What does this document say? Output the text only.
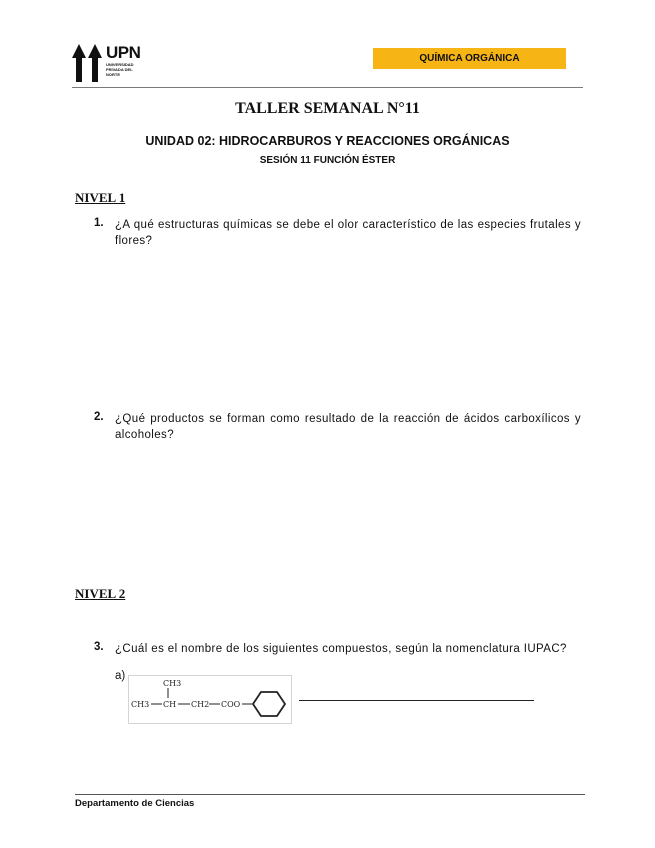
UPN
UNIVERSIDAD PRIVADA DEL NORTE
QUÍMICA ORGÁNICA
TALLER SEMANAL N°11
UNIDAD 02: HIDROCARBUROS Y REACCIONES ORGÁNICAS
SESIÓN 11 FUNCIÓN ÉSTER
NIVEL 1
1. ¿A qué estructuras químicas se debe el olor característico de las especies frutales y flores?
2. ¿Qué productos se forman como resultado de la reacción de ácidos carboxílicos y alcoholes?
NIVEL 2
3. ¿Cuál es el nombre de los siguientes compuestos, según la nomenclatura IUPAC?
a)
CH3
CH3 CH CH2 COO
Departamento de Ciencias
